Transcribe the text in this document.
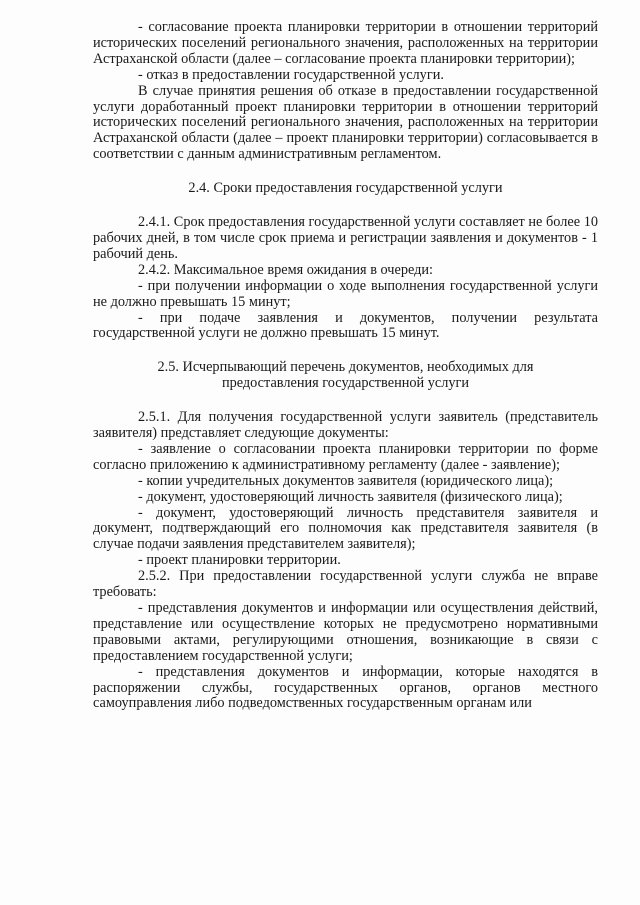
- согласование проекта планировки территории в отношении территорий исторических поселений регионального значения, расположенных на территории Астраханской области (далее – согласование проекта планировки территории);

- отказ в предоставлении государственной услуги.

В случае принятия решения об отказе в предоставлении государственной услуги доработанный проект планировки территории в отношении территорий исторических поселений регионального значения, расположенных на территории Астраханской области (далее – проект планировки территории) согласовывается в соответствии с данным административным регламентом.

2.4. Сроки предоставления государственной услуги

2.4.1. Срок предоставления государственной услуги составляет не более 10 рабочих дней, в том числе срок приема и регистрации заявления и документов - 1 рабочий день.

2.4.2. Максимальное время ожидания в очереди:

- при получении информации о ходе выполнения государственной услуги не должно превышать 15 минут;

- при подаче заявления и документов, получении результата государственной услуги не должно превышать 15 минут.

2.5. Исчерпывающий перечень документов, необходимых для

предоставления государственной услуги

2.5.1. Для получения государственной услуги заявитель (представитель заявителя) представляет следующие документы:

- заявление о согласовании проекта планировки территории по форме согласно приложению к административному регламенту (далее - заявление);

- копии учредительных документов заявителя (юридического лица);

- документ, удостоверяющий личность заявителя (физического лица);

- документ, удостоверяющий личность представителя заявителя и документ, подтверждающий его полномочия как представителя заявителя (в случае подачи заявления представителем заявителя);

- проект планировки территории.

2.5.2. При предоставлении государственной услуги служба не вправе требовать:

- представления документов и информации или осуществления действий, представление или осуществление которых не предусмотрено нормативными правовыми актами, регулирующими отношения, возникающие в связи с предоставлением государственной услуги;

- представления документов и информации, которые находятся в распоряжении службы, государственных органов, органов местного самоуправления либо подведомственных государственным органам или
